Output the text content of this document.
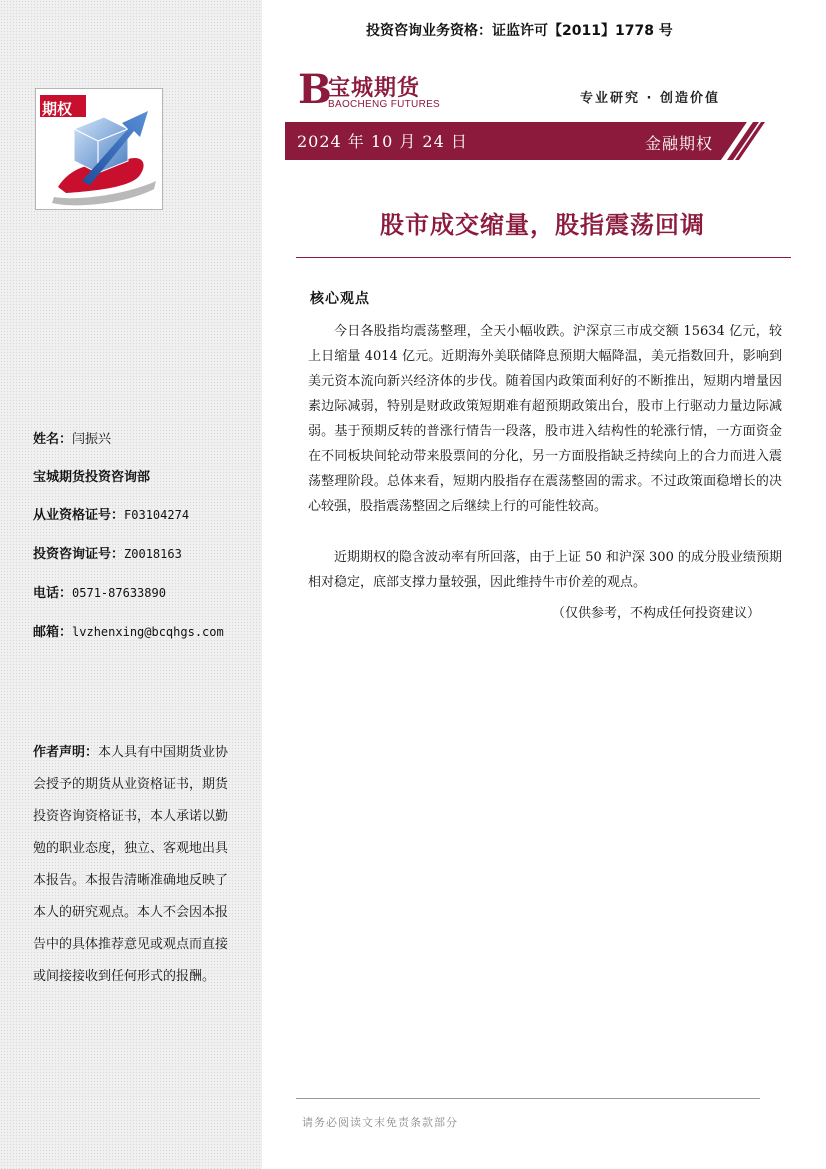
期权
姓名：闫振兴
宝城期货投资咨询部
从业资格证号：F03104274
投资咨询证号：Z0018163
电话：0571-87633890
邮箱：lvzhenxing@bcqhgs.com
作者声明：本人具有中国期货业协会授予的期货从业资格证书，期货投资咨询资格证书，本人承诺以勤勉的职业态度，独立、客观地出具本报告。本报告清晰准确地反映了本人的研究观点。本人不会因本报告中的具体推荐意见或观点而直接或间接接收到任何形式的报酬。
投资咨询业务资格：证监许可【2011】1778 号
B
宝城期货
BAOCHENG FUTURES	专业研究 · 创造价值
2024 年 10 月 24 日	金融期权
股市成交缩量，股指震荡回调
核心观点

今日各股指均震荡整理，全天小幅收跌。沪深京三市成交额 15634 亿元，较上日缩量 4014 亿元。近期海外美联储降息预期大幅降温，美元指数回升，影响到美元资本流向新兴经济体的步伐。随着国内政策面利好的不断推出，短期内增量因素边际减弱，特别是财政政策短期难有超预期政策出台，股市上行驱动力量边际减弱。基于预期反转的普涨行情告一段落，股市进入结构性的轮涨行情，一方面资金在不同板块间轮动带来股票间的分化，另一方面股指缺乏持续向上的合力而进入震荡整理阶段。总体来看，短期内股指存在震荡整固的需求。不过政策面稳增长的决心较强，股指震荡整固之后继续上行的可能性较高。

近期期权的隐含波动率有所回落，由于上证 50 和沪深 300 的成分股业绩预期相对稳定，底部支撑力量较强，因此维持牛市价差的观点。

（仅供参考，不构成任何投资建议）
请务必阅读文末免责条款部分
